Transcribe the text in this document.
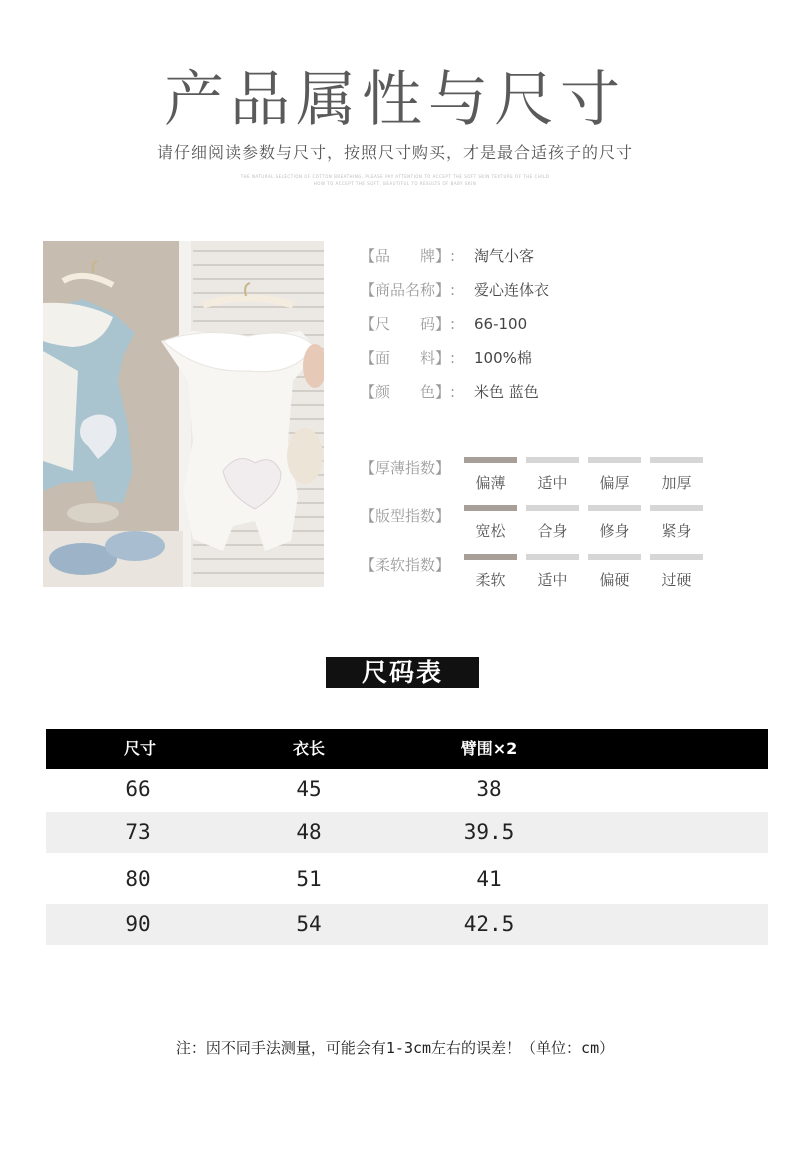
产品属性与尺寸
请仔细阅读参数与尺寸，按照尺寸购买，才是最合适孩子的尺寸
THE NATURAL SELECTION OF COTTON BREATHING, PLEASE PAY ATTENTION TO ACCEPT THE SOFT SKIN TEXTURE OF THE CHILD
HOW TO ACCEPT THE SOFT, BEAUTIFUL TO RESULTS OF BABY SKIN
【品　　牌】: 淘气小客
【商品名称】: 爱心连体衣
【尺　　码】: 66-100
【面　　料】: 100%棉
【颜　　色】: 米色 蓝色
【厚薄指数】
偏薄	适中	偏厚	加厚
【版型指数】
宽松	合身	修身	紧身
【柔软指数】
柔软	适中	偏硬	过硬
尺码表
尺寸	衣长	臂围×2
66	45	38
73	48	39.5
80	51	41
90	54	42.5
注：因不同手法测量，可能会有1-3cm左右的误差！（单位：cm）
